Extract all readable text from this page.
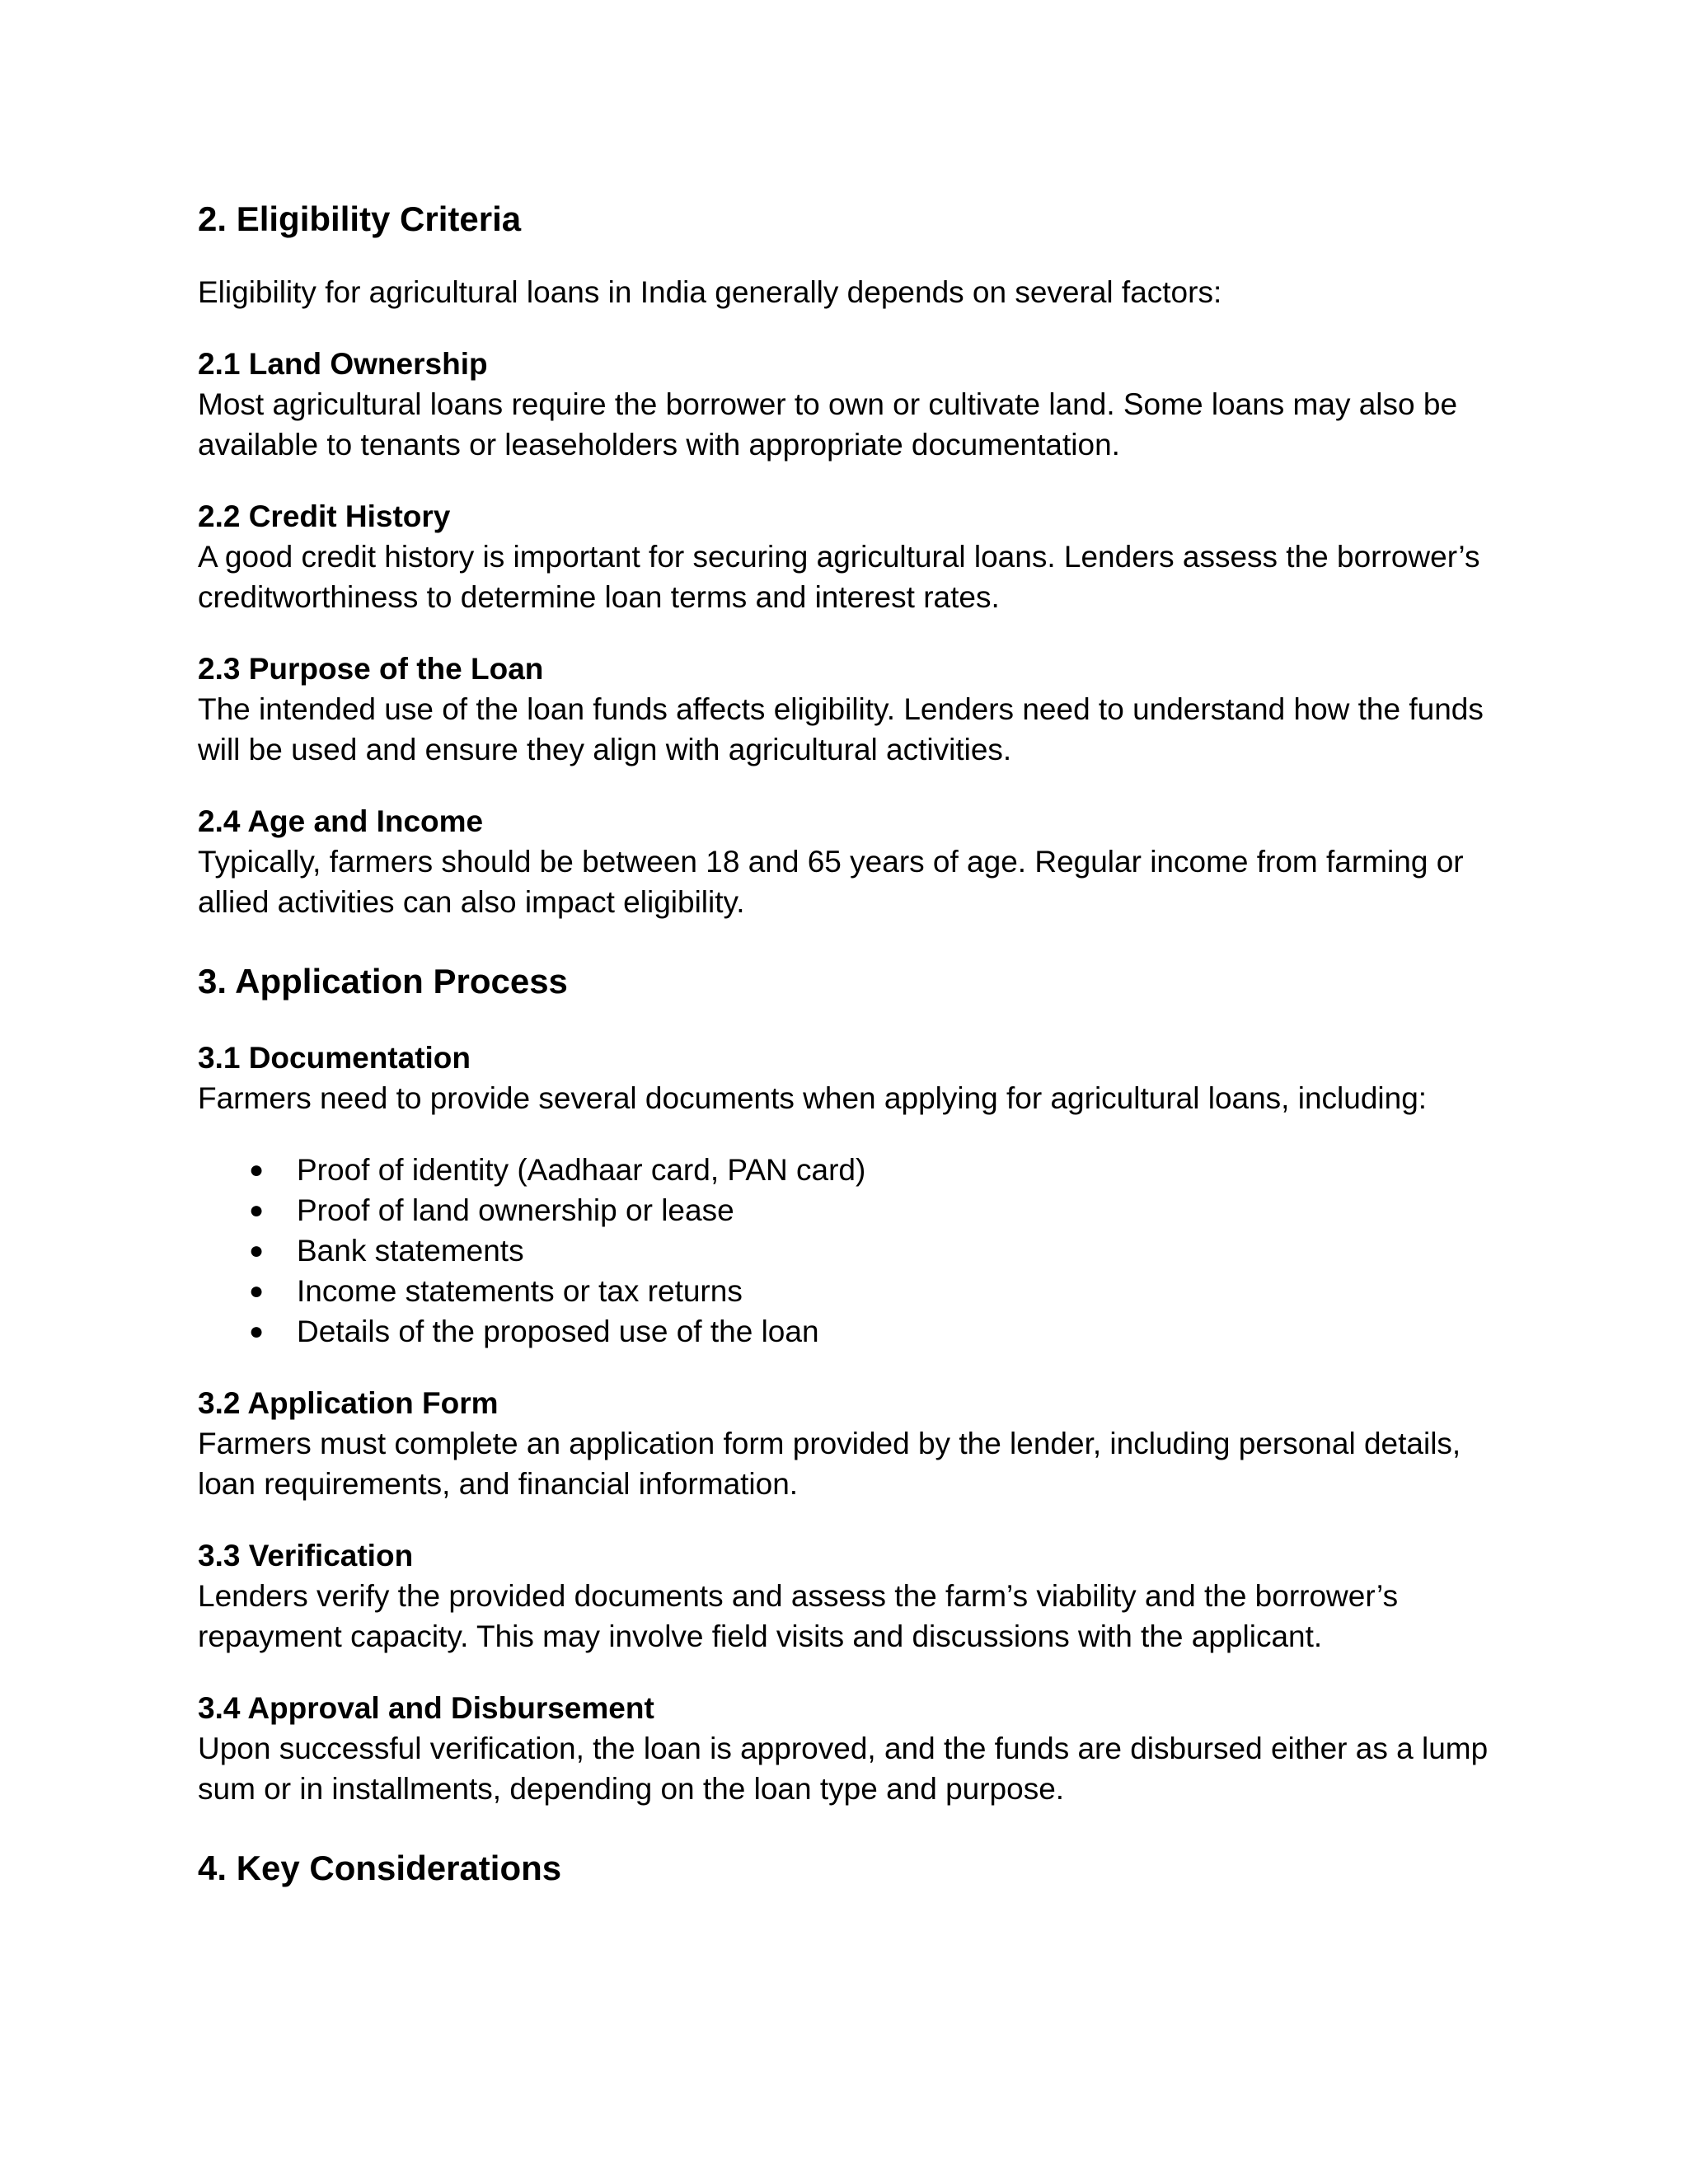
2. Eligibility Criteria

Eligibility for agricultural loans in India generally depends on several factors:

2.1 Land Ownership

Most agricultural loans require the borrower to own or cultivate land. Some loans may also be available to tenants or leaseholders with appropriate documentation.

2.2 Credit History

A good credit history is important for securing agricultural loans. Lenders assess the borrower’s creditworthiness to determine loan terms and interest rates.

2.3 Purpose of the Loan

The intended use of the loan funds affects eligibility. Lenders need to understand how the funds will be used and ensure they align with agricultural activities.

2.4 Age and Income

Typically, farmers should be between 18 and 65 years of age. Regular income from farming or allied activities can also impact eligibility.

3. Application Process

3.1 Documentation

Farmers need to provide several documents when applying for agricultural loans, including:

● Proof of identity (Aadhaar card, PAN card)
● Proof of land ownership or lease
● Bank statements
● Income statements or tax returns
● Details of the proposed use of the loan

3.2 Application Form

Farmers must complete an application form provided by the lender, including personal details, loan requirements, and financial information.

3.3 Verification

Lenders verify the provided documents and assess the farm’s viability and the borrower’s repayment capacity. This may involve field visits and discussions with the applicant.

3.4 Approval and Disbursement

Upon successful verification, the loan is approved, and the funds are disbursed either as a lump sum or in installments, depending on the loan type and purpose.

4. Key Considerations
